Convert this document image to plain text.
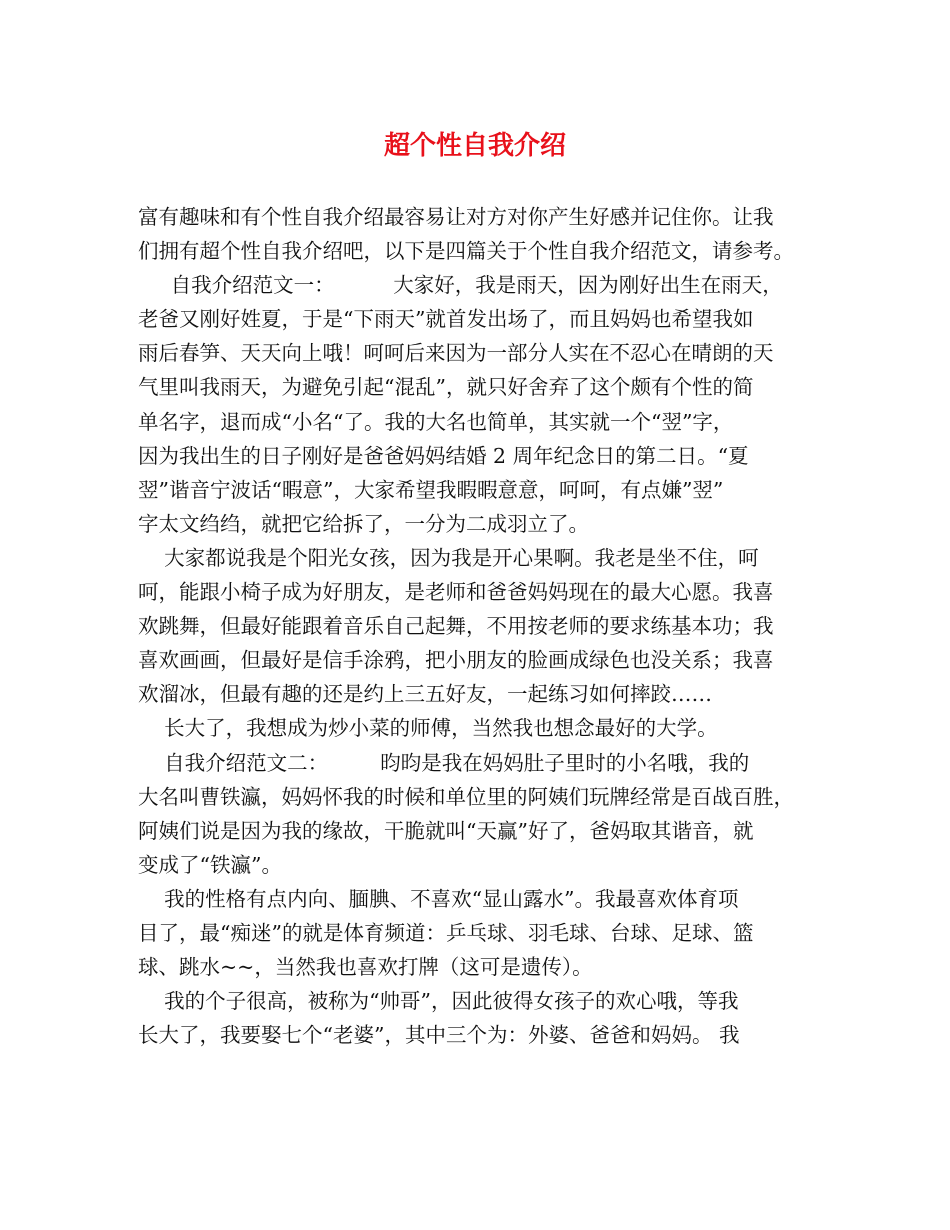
超个性自我介绍
富有趣味和有个性自我介绍最容易让对方对你产生好感并记住你。让我
们拥有超个性自我介绍吧，以下是四篇关于个性自我介绍范文，请参考。
自我介绍范文一：         大家好，我是雨天，因为刚好出生在雨天，
老爸又刚好姓夏，于是“下雨天”就首发出场了，而且妈妈也希望我如
雨后春笋、天天向上哦！呵呵后来因为一部分人实在不忍心在晴朗的天
气里叫我雨天，为避免引起“混乱”，就只好舍弃了这个颇有个性的简
单名字，退而成“小名“了。我的大名也简单，其实就一个“翌”字，
因为我出生的日子刚好是爸爸妈妈结婚 2 周年纪念日的第二日。“夏
翌”谐音宁波话“暇意”，大家希望我暇暇意意，呵呵，有点嫌”翌”
字太文绉绉，就把它给拆了，一分为二成羽立了。
大家都说我是个阳光女孩，因为我是开心果啊。我老是坐不住，呵
呵，能跟小椅子成为好朋友，是老师和爸爸妈妈现在的最大心愿。我喜
欢跳舞，但最好能跟着音乐自己起舞，不用按老师的要求练基本功；我
喜欢画画，但最好是信手涂鸦，把小朋友的脸画成绿色也没关系；我喜
欢溜冰，但最有趣的还是约上三五好友，一起练习如何摔跤……
长大了，我想成为炒小菜的师傅，当然我也想念最好的大学。
自我介绍范文二：        昀昀是我在妈妈肚子里时的小名哦，我的
大名叫曹铁瀛，妈妈怀我的时候和单位里的阿姨们玩牌经常是百战百胜，
阿姨们说是因为我的缘故，干脆就叫“天赢”好了，爸妈取其谐音，就
变成了“铁瀛”。
我的性格有点内向、腼腆、不喜欢“显山露水”。我最喜欢体育项
目了，最“痴迷”的就是体育频道：乒乓球、羽毛球、台球、足球、篮
球、跳水~~，当然我也喜欢打牌（这可是遗传）。
我的个子很高，被称为“帅哥”，因此彼得女孩子的欢心哦，等我
长大了，我要娶七个“老婆”，其中三个为：外婆、爸爸和妈妈。 我
